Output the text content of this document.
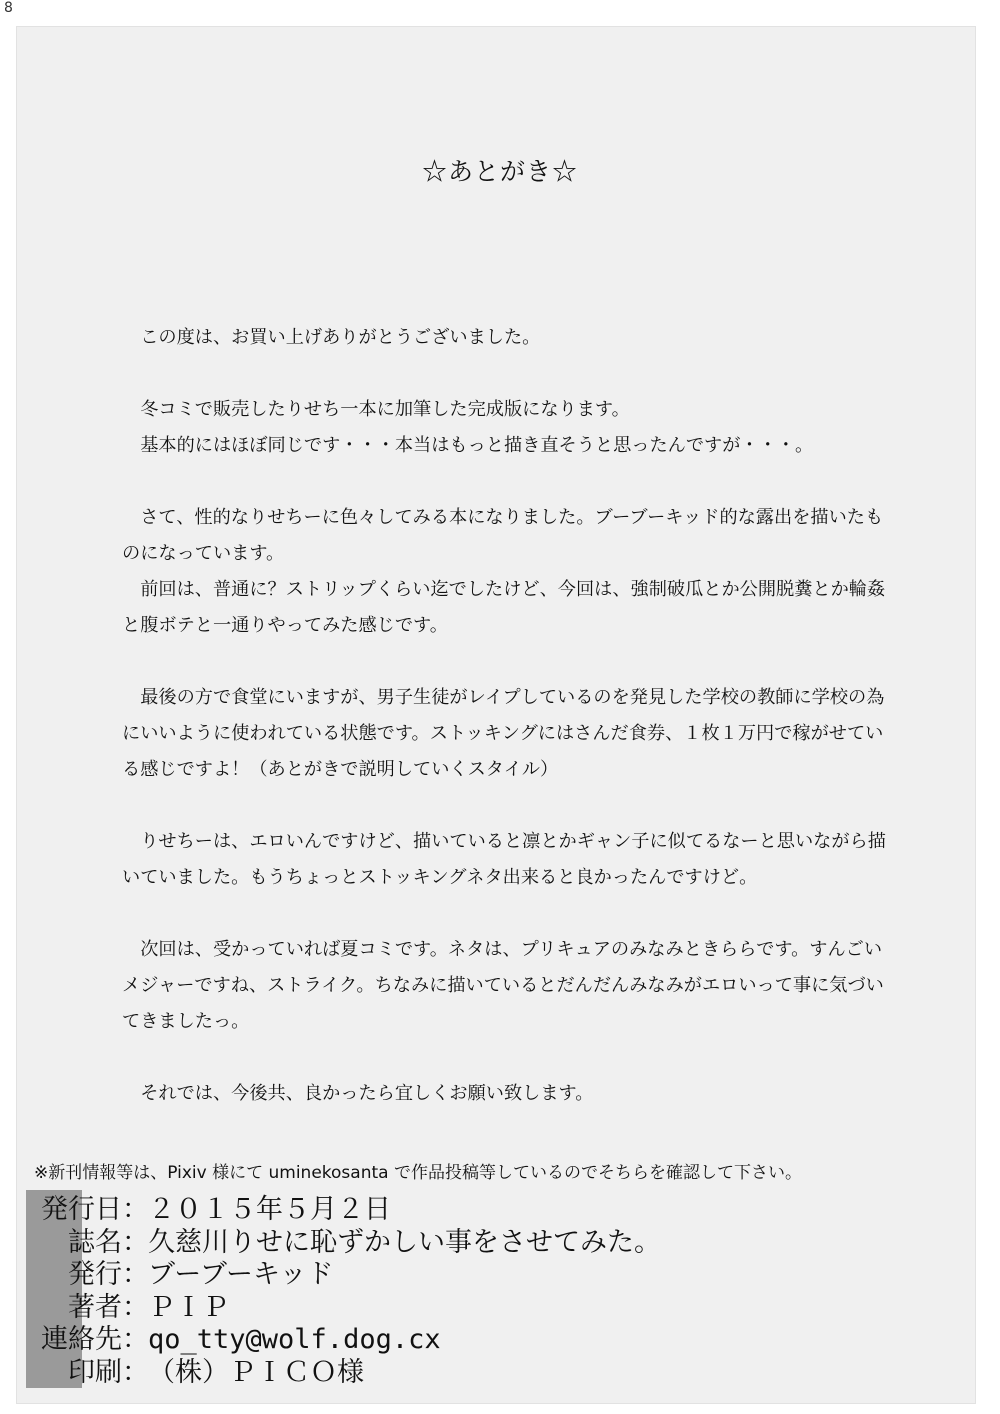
8
☆あとがき☆

この度は、お買い上げありがとうございました。

冬コミで販売したりせち一本に加筆した完成版になります。
基本的にはほぼ同じです・・・本当はもっと描き直そうと思ったんですが・・・。

さて、性的なりせちーに色々してみる本になりました。ブーブーキッド的な露出を描いたものになっています。
前回は、普通に？ストリップくらい迄でしたけど、今回は、強制破瓜とか公開脱糞とか輪姦と腹ボテと一通りやってみた感じです。

最後の方で食堂にいますが、男子生徒がレイプしているのを発見した学校の教師に学校の為にいいように使われている状態です。ストッキングにはさんだ食券、１枚１万円で稼がせている感じですよ！（あとがきで説明していくスタイル）

りせちーは、エロいんですけど、描いていると凛とかギャン子に似てるなーと思いながら描いていました。もうちょっとストッキングネタ出来ると良かったんですけど。

次回は、受かっていれば夏コミです。ネタは、プリキュアのみなみときららです。すんごいメジャーですね、ストライク。ちなみに描いているとだんだんみなみがエロいって事に気づいてきましたっ。

それでは、今後共、良かったら宜しくお願い致します。

※新刊情報等は、Pixiv 様にて uminekosanta で作品投稿等しているのでそちらを確認して下さい。
発行日 ： ２０１５年５月２日
誌名 ： 久慈川りせに恥ずかしい事をさせてみた。
発行 ： ブーブーキッド
著者 ： ＰＩＰ
連絡先 ： qo_tty@wolf.dog.cx
印刷 ： （株）ＰＩＣＯ様
